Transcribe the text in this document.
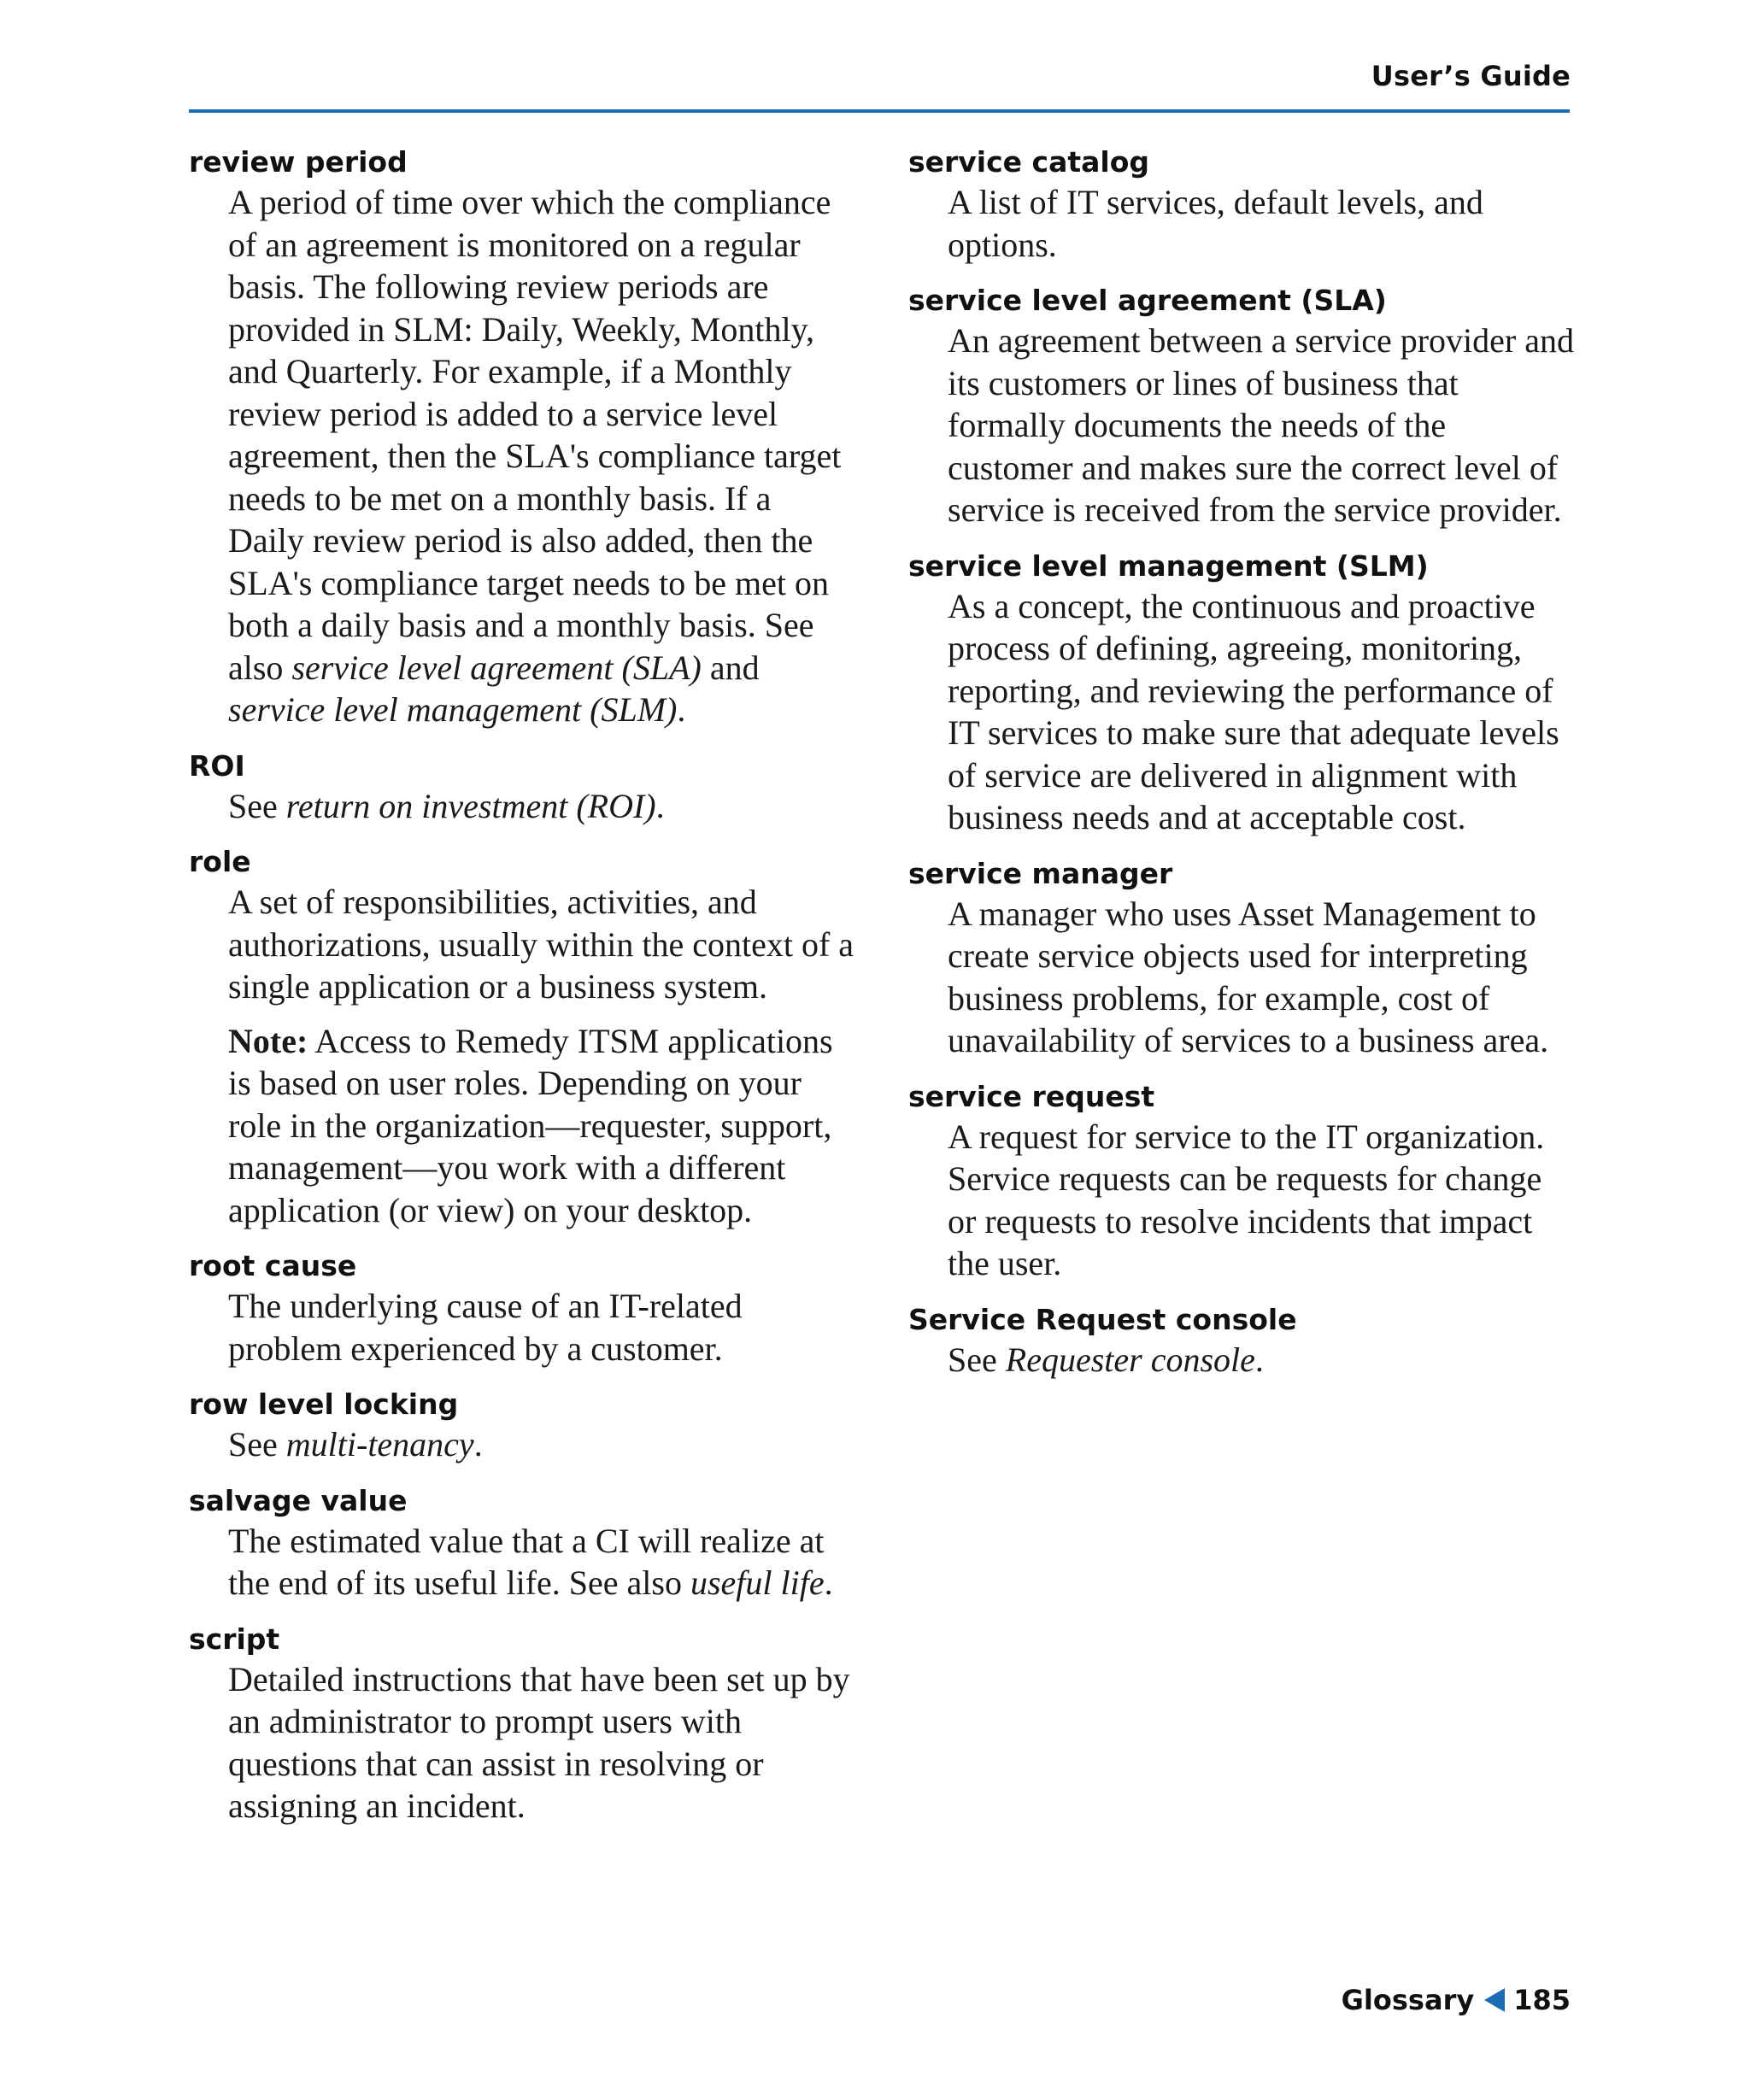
User’s Guide
review period
A period of time over which the compliance of an agreement is monitored on a regular basis. The following review periods are provided in SLM: Daily, Weekly, Monthly, and Quarterly. For example, if a Monthly review period is added to a service level agreement, then the SLA's compliance target needs to be met on a monthly basis. If a Daily review period is also added, then the SLA's compliance target needs to be met on both a daily basis and a monthly basis. See also service level agreement (SLA) and service level management (SLM).
ROI
See return on investment (ROI).
role
A set of responsibilities, activities, and authorizations, usually within the context of a single application or a business system.
Note: Access to Remedy ITSM applications is based on user roles. Depending on your role in the organization—requester, support, management—you work with a different application (or view) on your desktop.
root cause
The underlying cause of an IT-related problem experienced by a customer.
row level locking
See multi-tenancy.
salvage value
The estimated value that a CI will realize at the end of its useful life. See also useful life.
script
Detailed instructions that have been set up by an administrator to prompt users with questions that can assist in resolving or assigning an incident.
service catalog
A list of IT services, default levels, and options.
service level agreement (SLA)
An agreement between a service provider and its customers or lines of business that formally documents the needs of the customer and makes sure the correct level of service is received from the service provider.
service level management (SLM)
As a concept, the continuous and proactive process of defining, agreeing, monitoring, reporting, and reviewing the performance of IT services to make sure that adequate levels of service are delivered in alignment with business needs and at acceptable cost.
service manager
A manager who uses Asset Management to create service objects used for interpreting business problems, for example, cost of unavailability of services to a business area.
service request
A request for service to the IT organization. Service requests can be requests for change or requests to resolve incidents that impact the user.
Service Request console
See Requester console.
Glossary 185
